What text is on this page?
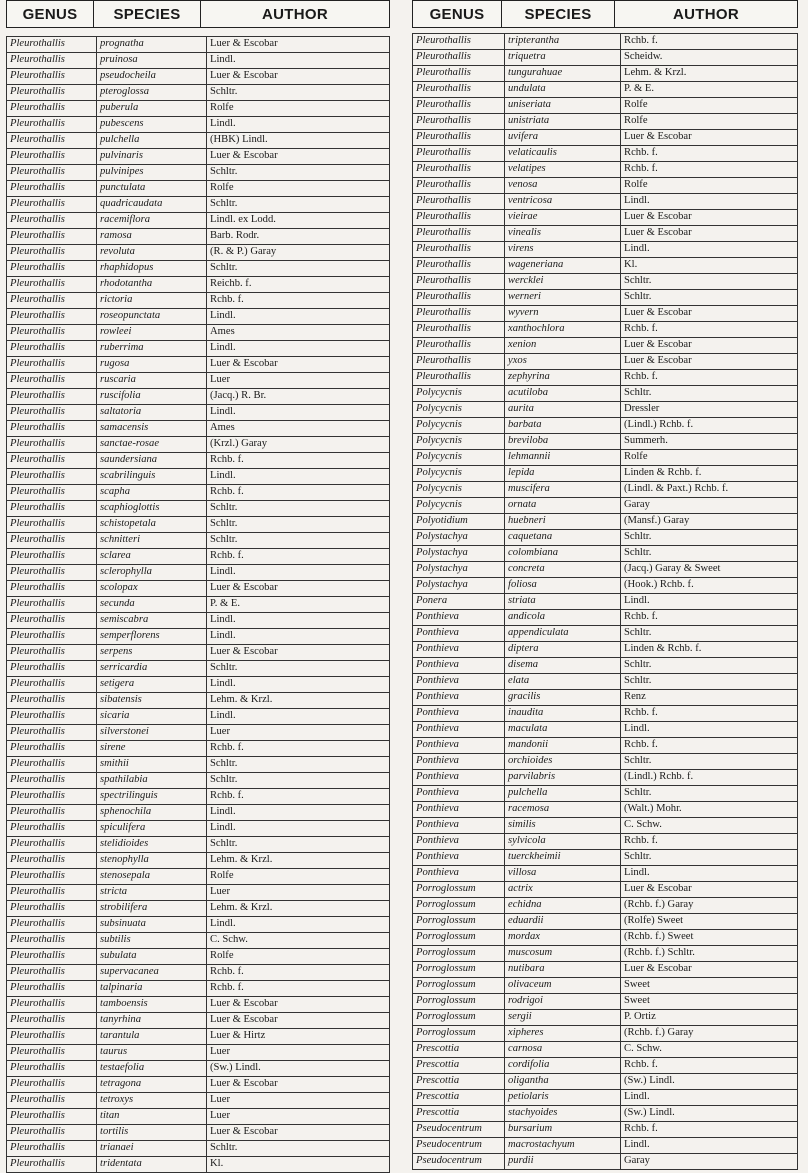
GENUS	SPECIES	AUTHOR
Pleurothallis	prognatha	Luer & Escobar
Pleurothallis	pruinosa	Lindl.
Pleurothallis	pseudocheila	Luer & Escobar
Pleurothallis	pteroglossa	Schltr.
Pleurothallis	puberula	Rolfe
Pleurothallis	pubescens	Lindl.
Pleurothallis	pulchella	(HBK) Lindl.
Pleurothallis	pulvinaris	Luer & Escobar
Pleurothallis	pulvinipes	Schltr.
Pleurothallis	punctulata	Rolfe
Pleurothallis	quadricaudata	Schltr.
Pleurothallis	racemiflora	Lindl. ex Lodd.
Pleurothallis	ramosa	Barb. Rodr.
Pleurothallis	revoluta	(R. & P.) Garay
Pleurothallis	rhaphidopus	Schltr.
Pleurothallis	rhodotantha	Reichb. f.
Pleurothallis	rictoria	Rchb. f.
Pleurothallis	roseopunctata	Lindl.
Pleurothallis	rowleei	Ames
Pleurothallis	ruberrima	Lindl.
Pleurothallis	rugosa	Luer & Escobar
Pleurothallis	ruscaria	Luer
Pleurothallis	ruscifolia	(Jacq.) R. Br.
Pleurothallis	saltatoria	Lindl.
Pleurothallis	samacensis	Ames
Pleurothallis	sanctae-rosae	(Krzl.) Garay
Pleurothallis	saundersiana	Rchb. f.
Pleurothallis	scabrilinguis	Lindl.
Pleurothallis	scapha	Rchb. f.
Pleurothallis	scaphioglottis	Schltr.
Pleurothallis	schistopetala	Schltr.
Pleurothallis	schnitteri	Schltr.
Pleurothallis	sclarea	Rchb. f.
Pleurothallis	sclerophylla	Lindl.
Pleurothallis	scolopax	Luer & Escobar
Pleurothallis	secunda	P. & E.
Pleurothallis	semiscabra	Lindl.
Pleurothallis	semperflorens	Lindl.
Pleurothallis	serpens	Luer & Escobar
Pleurothallis	serricardia	Schltr.
Pleurothallis	setigera	Lindl.
Pleurothallis	sibatensis	Lehm. & Krzl.
Pleurothallis	sicaria	Lindl.
Pleurothallis	silverstonei	Luer
Pleurothallis	sirene	Rchb. f.
Pleurothallis	smithii	Schltr.
Pleurothallis	spathilabia	Schltr.
Pleurothallis	spectrilinguis	Rchb. f.
Pleurothallis	sphenochila	Lindl.
Pleurothallis	spiculifera	Lindl.
Pleurothallis	stelidioides	Schltr.
Pleurothallis	stenophylla	Lehm. & Krzl.
Pleurothallis	stenosepala	Rolfe
Pleurothallis	stricta	Luer
Pleurothallis	strobilifera	Lehm. & Krzl.
Pleurothallis	subsinuata	Lindl.
Pleurothallis	subtilis	C. Schw.
Pleurothallis	subulata	Rolfe
Pleurothallis	supervacanea	Rchb. f.
Pleurothallis	talpinaria	Rchb. f.
Pleurothallis	tamboensis	Luer & Escobar
Pleurothallis	tanyrhina	Luer & Escobar
Pleurothallis	tarantula	Luer & Hirtz
Pleurothallis	taurus	Luer
Pleurothallis	testaefolia	(Sw.) Lindl.
Pleurothallis	tetragona	Luer & Escobar
Pleurothallis	tetroxys	Luer
Pleurothallis	titan	Luer
Pleurothallis	tortilis	Luer & Escobar
Pleurothallis	trianaei	Schltr.
Pleurothallis	tridentata	Kl.
GENUS	SPECIES	AUTHOR
Pleurothallis	tripterantha	Rchb. f.
Pleurothallis	triquetra	Scheidw.
Pleurothallis	tungurahuae	Lehm. & Krzl.
Pleurothallis	undulata	P. & E.
Pleurothallis	uniseriata	Rolfe
Pleurothallis	unistriata	Rolfe
Pleurothallis	uvifera	Luer & Escobar
Pleurothallis	velaticaulis	Rchb. f.
Pleurothallis	velatipes	Rchb. f.
Pleurothallis	venosa	Rolfe
Pleurothallis	ventricosa	Lindl.
Pleurothallis	vieirae	Luer & Escobar
Pleurothallis	vinealis	Luer & Escobar
Pleurothallis	virens	Lindl.
Pleurothallis	wageneriana	Kl.
Pleurothallis	wercklei	Schltr.
Pleurothallis	werneri	Schltr.
Pleurothallis	wyvern	Luer & Escobar
Pleurothallis	xanthochlora	Rchb. f.
Pleurothallis	xenion	Luer & Escobar
Pleurothallis	yxos	Luer & Escobar
Pleurothallis	zephyrina	Rchb. f.
Polycycnis	acutiloba	Schltr.
Polycycnis	aurita	Dressler
Polycycnis	barbata	(Lindl.) Rchb. f.
Polycycnis	breviloba	Summerh.
Polycycnis	lehmannii	Rolfe
Polycycnis	lepida	Linden & Rchb. f.
Polycycnis	muscifera	(Lindl. & Paxt.) Rchb. f.
Polycycnis	ornata	Garay
Polyotidium	huebneri	(Mansf.) Garay
Polystachya	caquetana	Schltr.
Polystachya	colombiana	Schltr.
Polystachya	concreta	(Jacq.) Garay & Sweet
Polystachya	foliosa	(Hook.) Rchb. f.
Ponera	striata	Lindl.
Ponthieva	andicola	Rchb. f.
Ponthieva	appendiculata	Schltr.
Ponthieva	diptera	Linden & Rchb. f.
Ponthieva	disema	Schltr.
Ponthieva	elata	Schltr.
Ponthieva	gracilis	Renz
Ponthieva	inaudita	Rchb. f.
Ponthieva	maculata	Lindl.
Ponthieva	mandonii	Rchb. f.
Ponthieva	orchioides	Schltr.
Ponthieva	parvilabris	(Lindl.) Rchb. f.
Ponthieva	pulchella	Schltr.
Ponthieva	racemosa	(Walt.) Mohr.
Ponthieva	similis	C. Schw.
Ponthieva	sylvicola	Rchb. f.
Ponthieva	tuerckheimii	Schltr.
Ponthieva	villosa	Lindl.
Porroglossum	actrix	Luer & Escobar
Porroglossum	echidna	(Rchb. f.) Garay
Porroglossum	eduardii	(Rolfe) Sweet
Porroglossum	mordax	(Rchb. f.) Sweet
Porroglossum	muscosum	(Rchb. f.) Schltr.
Porroglossum	nutibara	Luer & Escobar
Porroglossum	olivaceum	Sweet
Porroglossum	rodrigoi	Sweet
Porroglossum	sergii	P. Ortiz
Porroglossum	xipheres	(Rchb. f.) Garay
Prescottia	carnosa	C. Schw.
Prescottia	cordifolia	Rchb. f.
Prescottia	oligantha	(Sw.) Lindl.
Prescottia	petiolaris	Lindl.
Prescottia	stachyoides	(Sw.) Lindl.
Pseudocentrum	bursarium	Rchb. f.
Pseudocentrum	macrostachyum	Lindl.
Pseudocentrum	purdii	Garay
